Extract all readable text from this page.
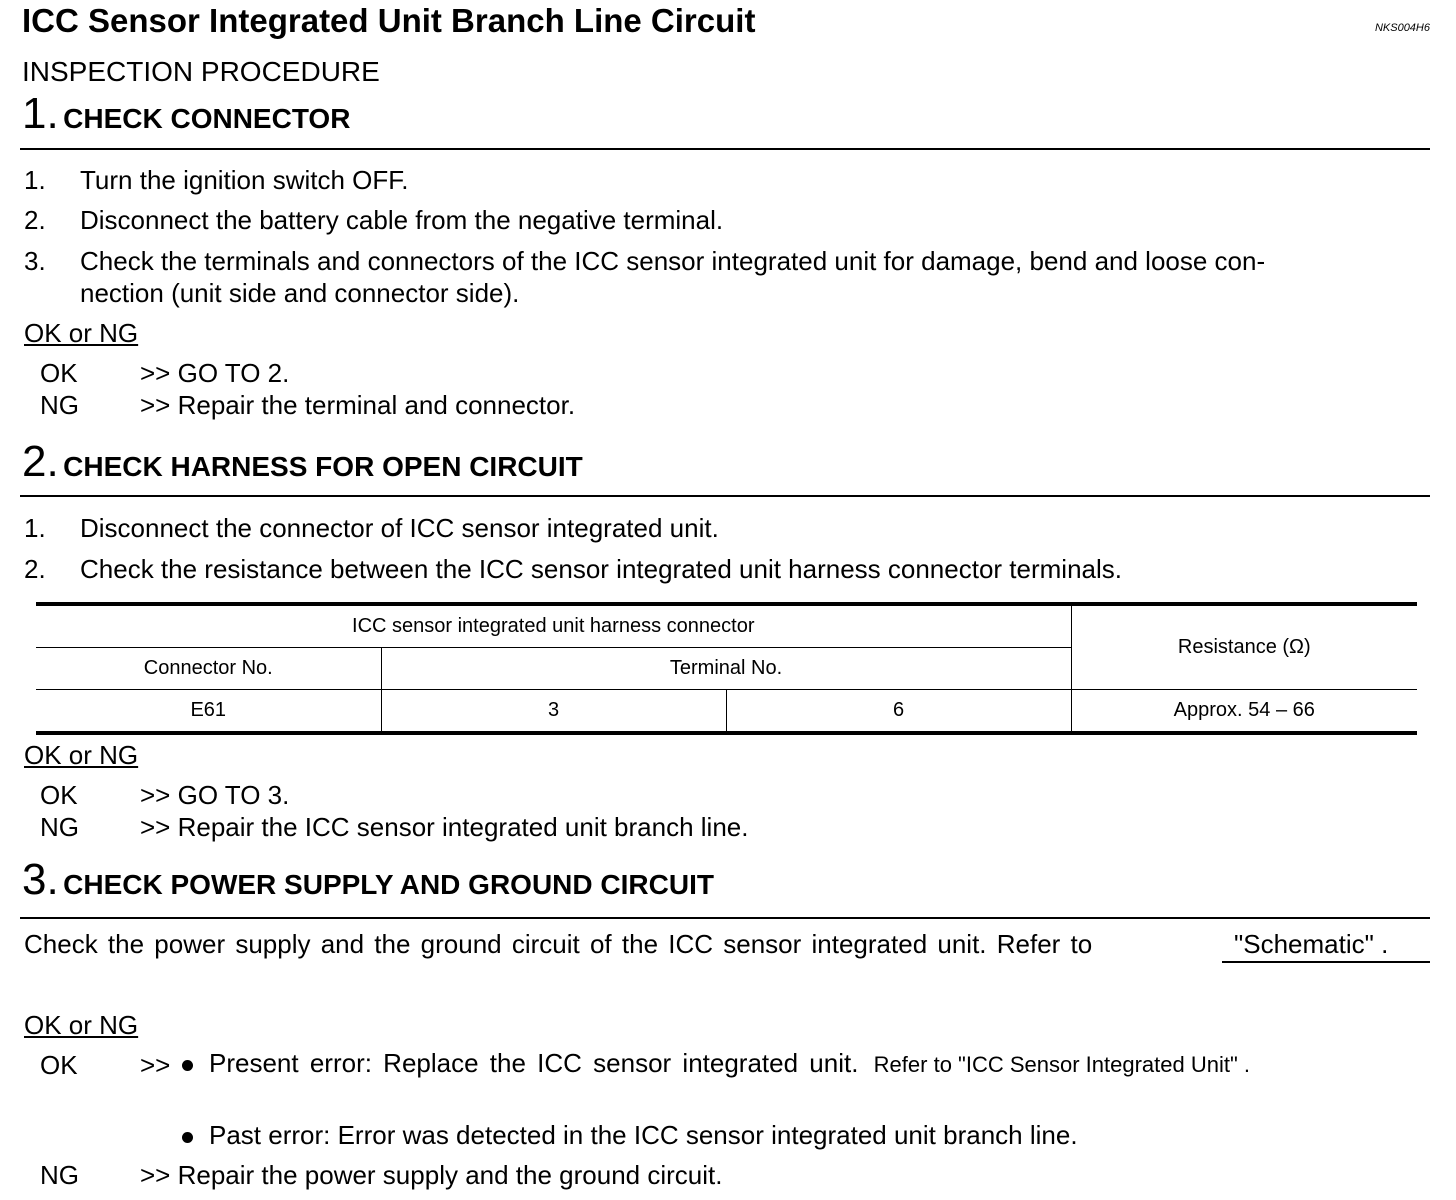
ICC Sensor Integrated Unit Branch Line Circuit	NKS004H6
INSPECTION PROCEDURE
1. CHECK CONNECTOR
1. Turn the ignition switch OFF.
2. Disconnect the battery cable from the negative terminal.
3. Check the terminals and connectors of the ICC sensor integrated unit for damage, bend and loose con-
nection (unit side and connector side).
OK or NG
OK >> GO TO 2.
NG >> Repair the terminal and connector.
2. CHECK HARNESS FOR OPEN CIRCUIT
1. Disconnect the connector of ICC sensor integrated unit.
2. Check the resistance between the ICC sensor integrated unit harness connector terminals.
ICC sensor integrated unit harness connector			Resistance (Ω)
Connector No.	Terminal No.		
E61	3	6	Approx. 54 – 66
OK or NG
OK >> GO TO 3.
NG >> Repair the ICC sensor integrated unit branch line.
3. CHECK POWER SUPPLY AND GROUND CIRCUIT
Check the power supply and the ground circuit of the ICC sensor integrated unit. Refer to	"Schematic" .
OK or NG
OK >>	Present error: Replace the ICC sensor integrated unit. Refer to "ICC Sensor Integrated Unit" .
Past error: Error was detected in the ICC sensor integrated unit branch line.
NG >> Repair the power supply and the ground circuit.
